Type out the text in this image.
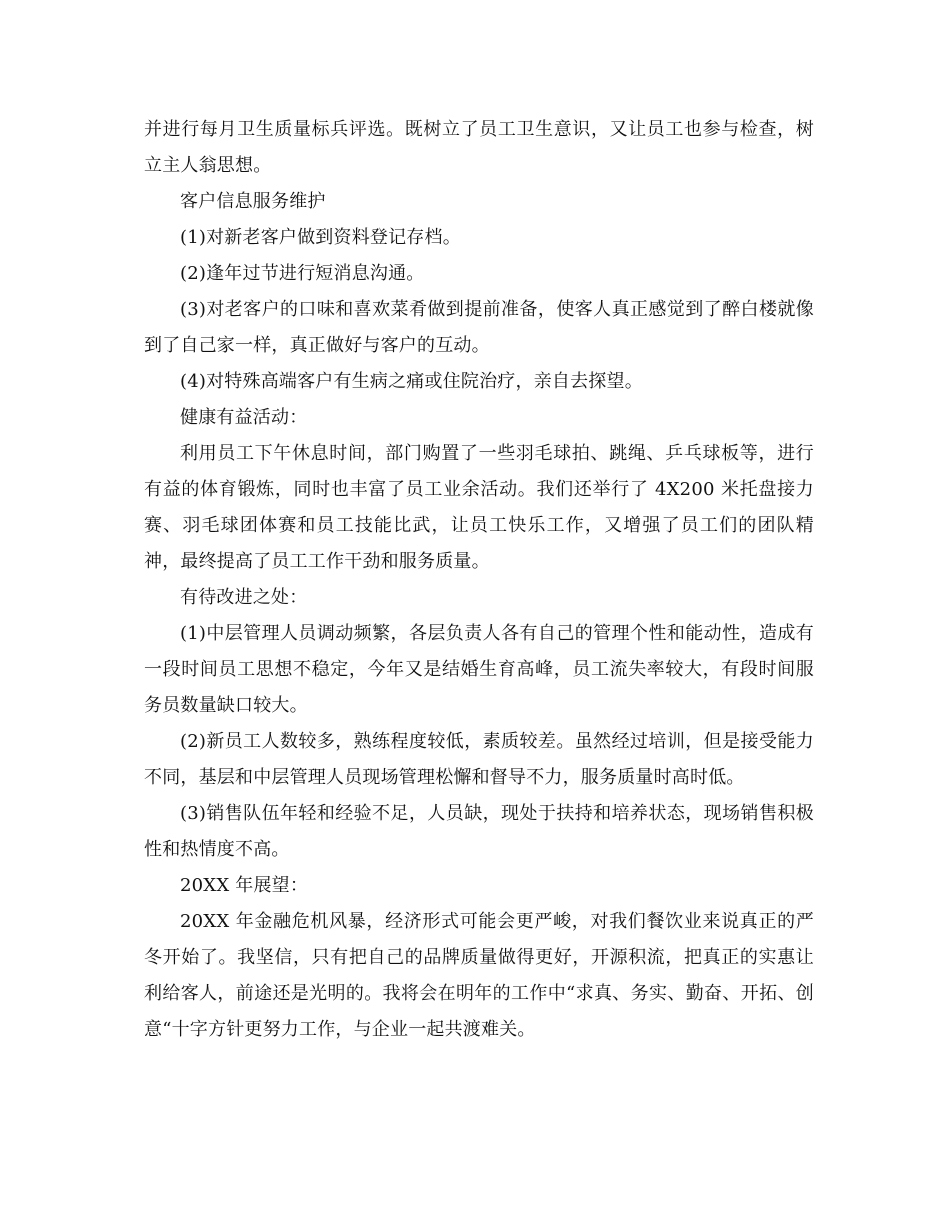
并进行每月卫生质量标兵评选。既树立了员工卫生意识，又让员工也参与检查，树立主人翁思想。

客户信息服务维护

(1)对新老客户做到资料登记存档。

(2)逢年过节进行短消息沟通。

(3)对老客户的口味和喜欢菜肴做到提前准备，使客人真正感觉到了醉白楼就像到了自己家一样，真正做好与客户的互动。

(4)对特殊高端客户有生病之痛或住院治疗，亲自去探望。

健康有益活动：

利用员工下午休息时间，部门购置了一些羽毛球拍、跳绳、乒乓球板等，进行有益的体育锻炼，同时也丰富了员工业余活动。我们还举行了 4X200 米托盘接力赛、羽毛球团体赛和员工技能比武，让员工快乐工作，又增强了员工们的团队精神，最终提高了员工工作干劲和服务质量。

有待改进之处：

(1)中层管理人员调动频繁，各层负责人各有自己的管理个性和能动性，造成有一段时间员工思想不稳定，今年又是结婚生育高峰，员工流失率较大，有段时间服务员数量缺口较大。

(2)新员工人数较多，熟练程度较低，素质较差。虽然经过培训，但是接受能力不同，基层和中层管理人员现场管理松懈和督导不力，服务质量时高时低。

(3)销售队伍年轻和经验不足，人员缺，现处于扶持和培养状态，现场销售积极性和热情度不高。

20XX 年展望：

20XX 年金融危机风暴，经济形式可能会更严峻，对我们餐饮业来说真正的严冬开始了。我坚信，只有把自己的品牌质量做得更好，开源积流，把真正的实惠让利给客人，前途还是光明的。我将会在明年的工作中“求真、务实、勤奋、开拓、创意“十字方针更努力工作，与企业一起共渡难关。
